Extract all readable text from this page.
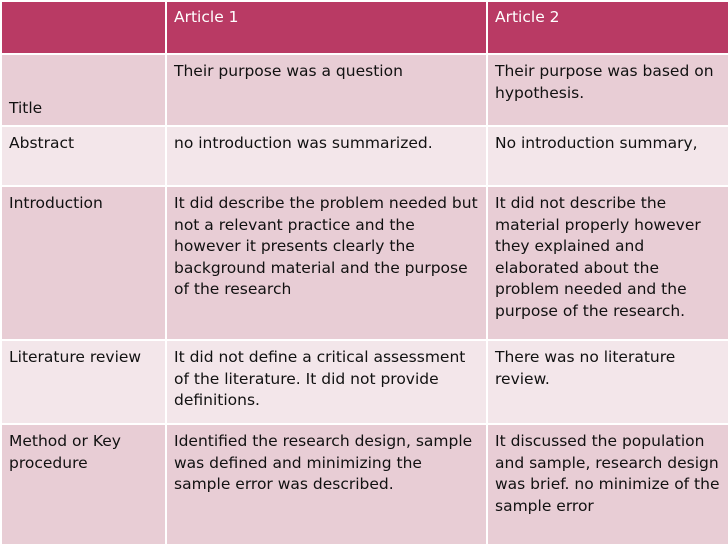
	Article 1	Article 2
Title	Their purpose was a question	Their purpose was based on hypothesis.
Abstract	no introduction was summarized.	No introduction summary,
Introduction	It did describe the problem needed but not a relevant practice and the however it presents clearly the background material and the purpose of the research	It did not describe the material properly however they explained and elaborated about the problem needed and the purpose of the research.
Literature review	It did not define a critical assessment of the literature. It did not provide definitions.	There was no literature review.
Method or Key procedure	Identified the research design, sample was defined and minimizing the sample error was described.	It discussed the population and sample, research design was brief. no minimize of the sample error
